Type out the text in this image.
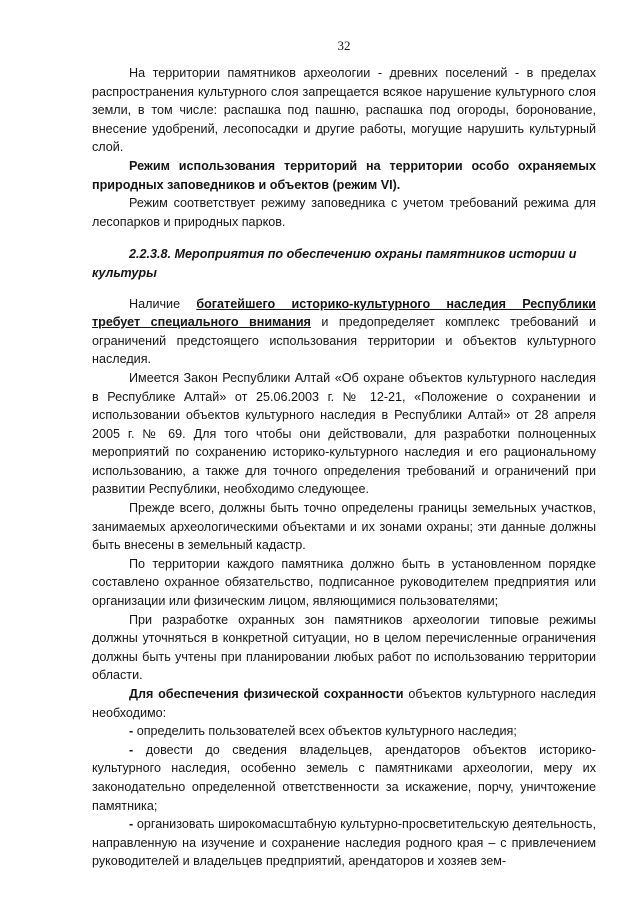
32

На территории памятников археологии - древних поселений - в пределах распространения культурного слоя запрещается всякое нарушение культурного слоя земли, в том числе: распашка под пашню, распашка под огороды, боронование, внесение удобрений, лесопосадки и другие работы, могущие нарушить культурный слой.

Режим использования территорий на территории особо охраняемых природных заповедников и объектов (режим VI).

Режим соответствует режиму заповедника с учетом требований режима для лесопарков и природных парков.

2.2.3.8. Мероприятия по обеспечению охраны памятников истории и культуры

Наличие богатейшего историко-культурного наследия Республики требует специального внимания и предопределяет комплекс требований и ограничений предстоящего использования территории и объектов культурного наследия.

Имеется Закон Республики Алтай «Об охране объектов культурного наследия в Республике Алтай» от 25.06.2003 г. № 12-21, «Положение о сохранении и использовании объектов культурного наследия в Республики Алтай» от 28 апреля 2005 г. № 69. Для того чтобы они действовали, для разработки полноценных мероприятий по сохранению историко-культурного наследия и его рациональному использованию, а также для точного определения требований и ограничений при развитии Республики, необходимо следующее.

Прежде всего, должны быть точно определены границы земельных участков, занимаемых археологическими объектами и их зонами охраны; эти данные должны быть внесены в земельный кадастр.

По территории каждого памятника должно быть в установленном порядке составлено охранное обязательство, подписанное руководителем предприятия или организации или физическим лицом, являющимися пользователями;

При разработке охранных зон памятников археологии типовые режимы должны уточняться в конкретной ситуации, но в целом перечисленные ограничения должны быть учтены при планировании любых работ по использованию территории области.

Для обеспечения физической сохранности объектов культурного наследия необходимо:

- определить пользователей всех объектов культурного наследия;

- довести до сведения владельцев, арендаторов объектов историко-культурного наследия, особенно земель с памятниками археологии, меру их законодательно определенной ответственности за искажение, порчу, уничтожение памятника;

- организовать широкомасштабную культурно-просветительскую деятельность, направленную на изучение и сохранение наследия родного края – с привлечением руководителей и владельцев предприятий, арендаторов и хозяев зем-
